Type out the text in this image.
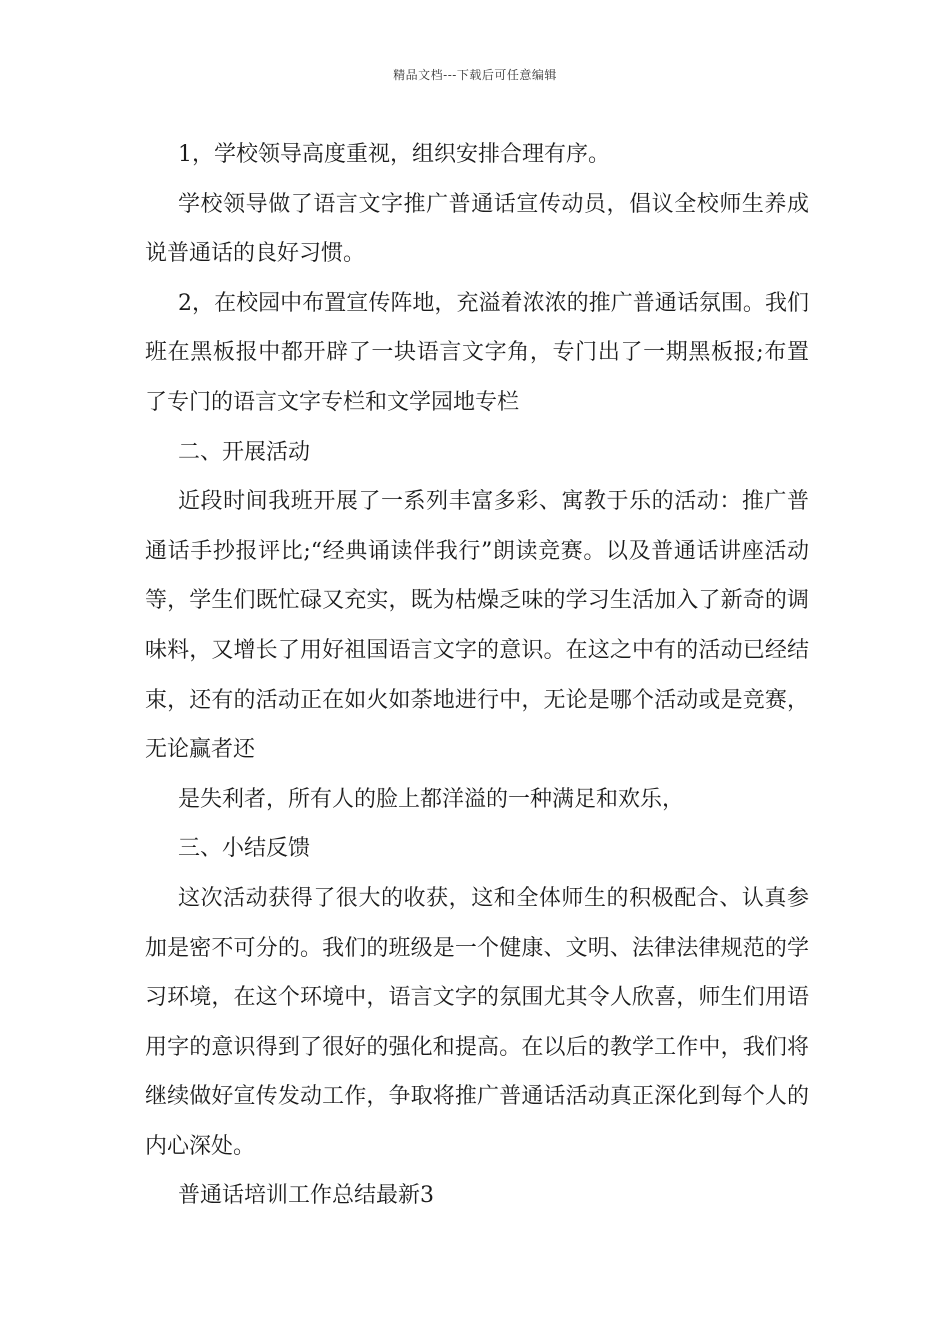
精品文档---下载后可任意编辑

1，学校领导高度重视，组织安排合理有序。

学校领导做了语言文字推广普通话宣传动员，倡议全校师生养成说普通话的良好习惯。

2，在校园中布置宣传阵地，充溢着浓浓的推广普通话氛围。我们班在黑板报中都开辟了一块语言文字角，专门出了一期黑板报;布置了专门的语言文字专栏和文学园地专栏

二、开展活动

近段时间我班开展了一系列丰富多彩、寓教于乐的活动：推广普通话手抄报评比;“经典诵读伴我行”朗读竞赛。以及普通话讲座活动等，学生们既忙碌又充实，既为枯燥乏味的学习生活加入了新奇的调味料，又增长了用好祖国语言文字的意识。在这之中有的活动已经结束，还有的活动正在如火如荼地进行中，无论是哪个活动或是竞赛，无论赢者还

是失利者，所有人的脸上都洋溢的一种满足和欢乐，

三、小结反馈

这次活动获得了很大的收获，这和全体师生的积极配合、认真参加是密不可分的。我们的班级是一个健康、文明、法律法律规范的学习环境，在这个环境中，语言文字的氛围尤其令人欣喜，师生们用语用字的意识得到了很好的强化和提高。在以后的教学工作中，我们将继续做好宣传发动工作，争取将推广普通话活动真正深化到每个人的内心深处。

普通话培训工作总结最新3
